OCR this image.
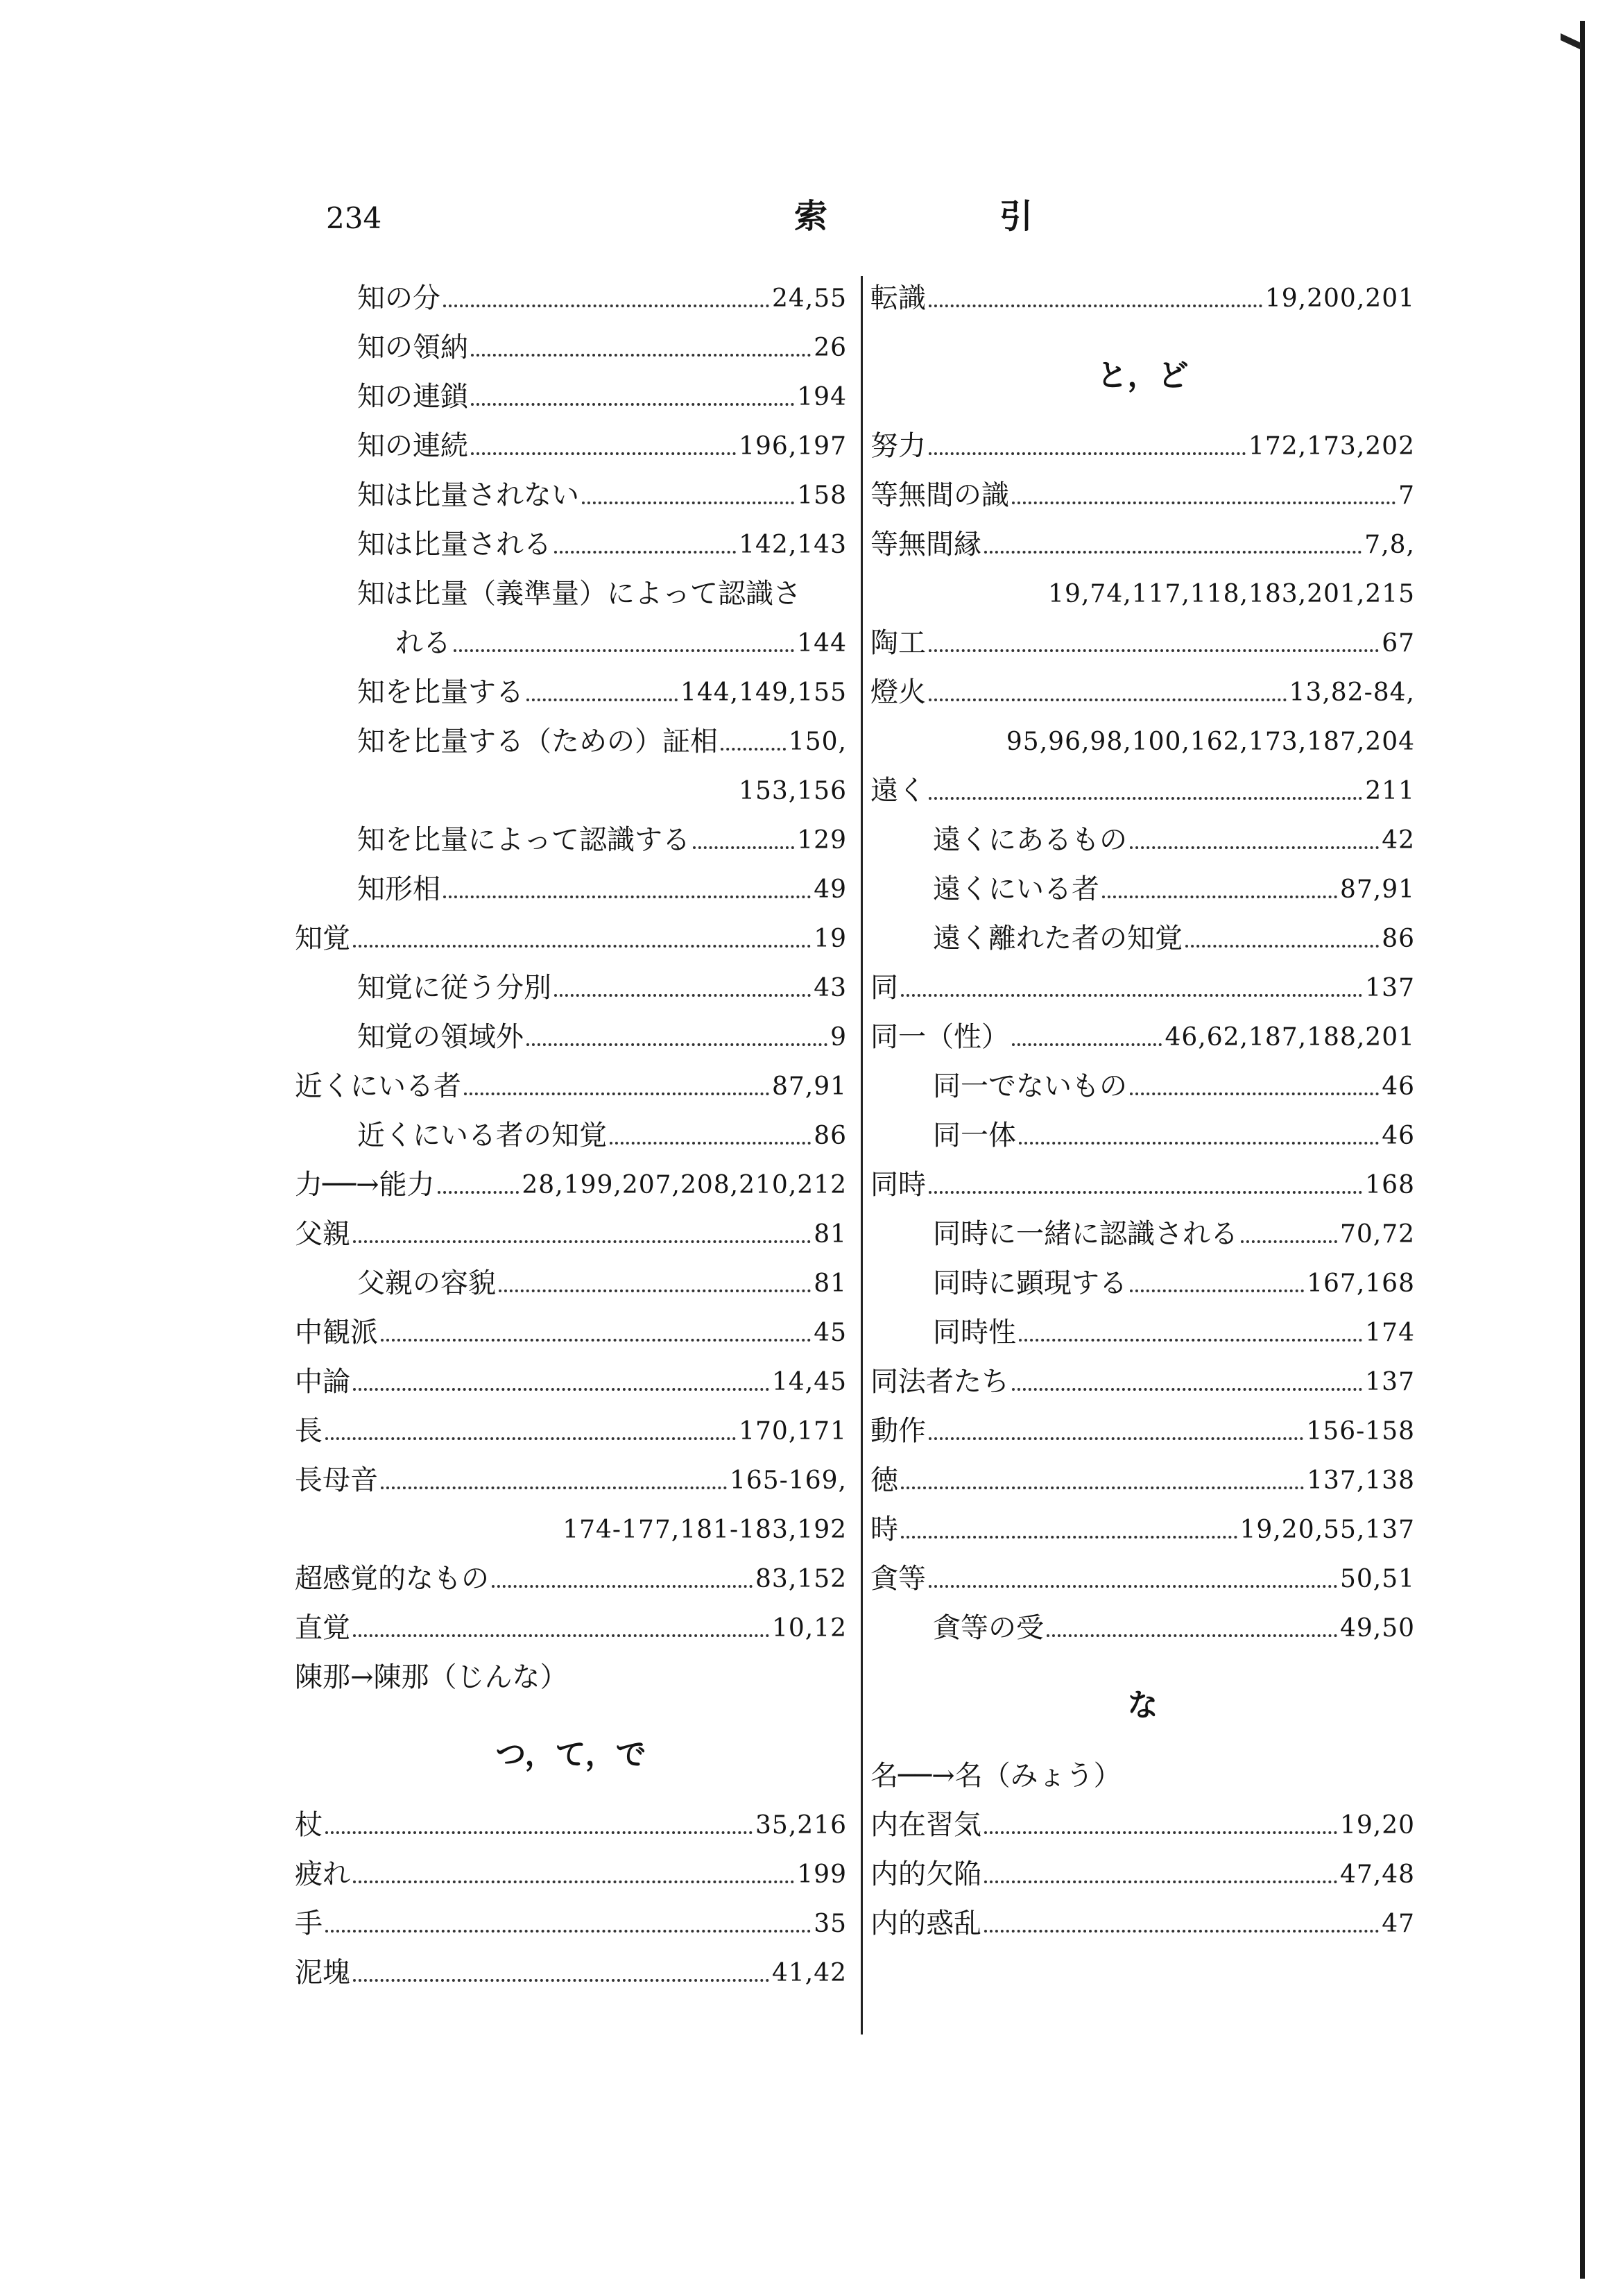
234	索　引
知の分	24,55
知の領納	26
知の連鎖	194
知の連続	196,197
知は比量されない	158
知は比量される	142,143
知は比量（義準量）によって認識さ
れる	144
知を比量する	144,149,155
知を比量する（ための）証相	150,
153,156
知を比量によって認識する	129
知形相	49
知覚	19
知覚に従う分別	43
知覚の領域外	9
近くにいる者	87,91
近くにいる者の知覚	86
力──→能力	28,199,207,208,210,212
父親	81
父親の容貌	81
中観派	45
中論	14,45
長	170,171
長母音	165-169,
174-177,181-183,192
超感覚的なもの	83,152
直覚	10,12
陳那→陳那（じんな）
つ，て，で
杖	35,216
疲れ	199
手	35
泥塊	41,42
転識	19,200,201
と，ど
努力	172,173,202
等無間の識	7
等無間縁	7,8,
19,74,117,118,183,201,215
陶工	67
燈火	13,82-84,
95,96,98,100,162,173,187,204
遠く	211
遠くにあるもの	42
遠くにいる者	87,91
遠く離れた者の知覚	86
同	137
同一（性）	46,62,187,188,201
同一でないもの	46
同一体	46
同時	168
同時に一緒に認識される	70,72
同時に顕現する	167,168
同時性	174
同法者たち	137
動作	156-158
徳	137,138
時	19,20,55,137
貪等	50,51
貪等の受	49,50
な
名──→名（みょう）
内在習気	19,20
内的欠陥	47,48
内的惑乱	47
